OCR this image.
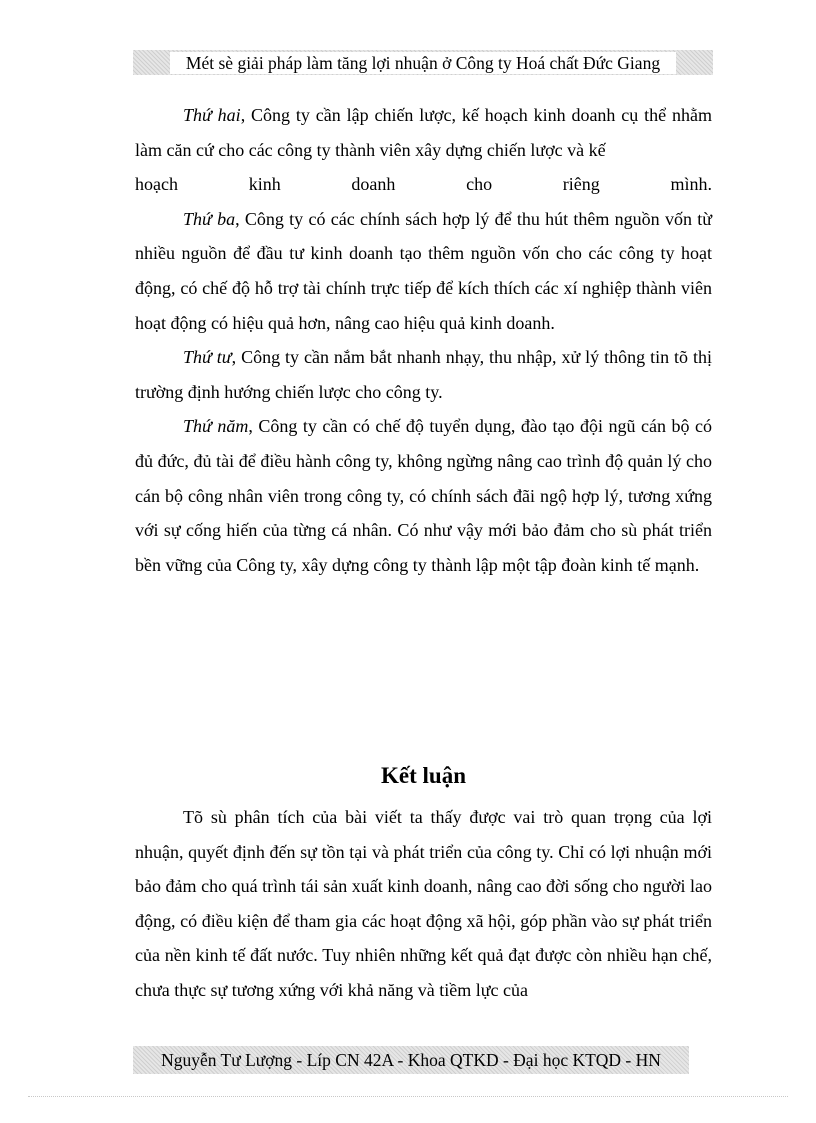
Mét sè giải pháp làm tăng lợi nhuận ở Công ty Hoá chất Đức Giang

Thứ hai, Công ty cần lập chiến lược, kế hoạch kinh doanh cụ thể nhằm làm căn cứ cho các công ty thành viên xây dựng chiến lược và kế

hoạch kinh doanh cho riêng mình.

Thứ ba, Công ty có các chính sách hợp lý để thu hút thêm nguồn vốn từ nhiều nguồn để đầu tư kinh doanh tạo thêm nguồn vốn cho các công ty hoạt động, có chế độ hỗ trợ tài chính trực tiếp để kích thích các xí nghiệp thành viên hoạt động có hiệu quả hơn, nâng cao hiệu quả kinh doanh.

Thứ tư, Công ty cần nắm bắt nhanh nhạy, thu nhập, xử lý thông tin tõ thị trường định hướng chiến lược cho công ty.

Thứ năm, Công ty cần có chế độ tuyển dụng, đào tạo đội ngũ cán bộ có đủ đức, đủ tài để điều hành công ty, không ngừng nâng cao trình độ quản lý cho cán bộ công nhân viên trong công ty, có chính sách đãi ngộ hợp lý, tương xứng với sự cống hiến của từng cá nhân. Có như vậy mới bảo đảm cho sù phát triển bền vững của Công ty, xây dựng công ty thành lập một tập đoàn kinh tế mạnh.

Kết luận

Tõ sù phân tích của bài viết ta thấy được vai trò quan trọng của lợi nhuận, quyết định đến sự tồn tại và phát triển của công ty. Chỉ có lợi nhuận mới bảo đảm cho quá trình tái sản xuất kinh doanh, nâng cao đời sống cho người lao động, có điều kiện để tham gia các hoạt động xã hội, góp phần vào sự phát triển của nền kinh tế đất nước. Tuy nhiên những kết quả đạt được còn nhiều hạn chế, chưa thực sự tương xứng với khả năng và tiềm lực của

Nguyễn Tư Lượng - Líp CN 42A - Khoa QTKD - Đại học KTQD - HN
